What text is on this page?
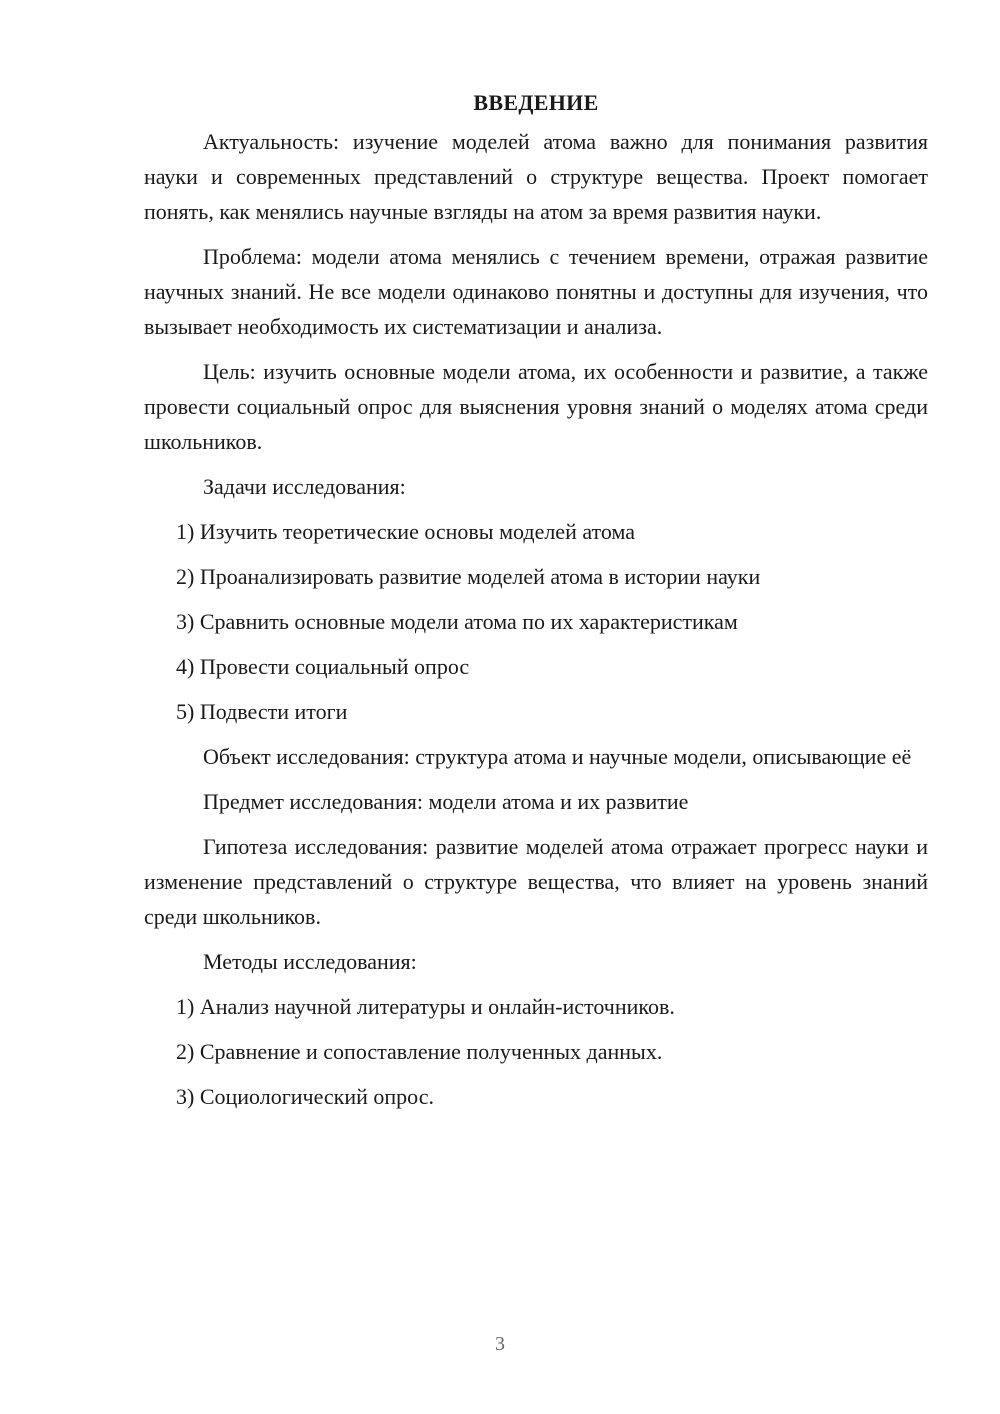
ВВЕДЕНИЕ

Актуальность: изучение моделей атома важно для понимания развития науки и современных представлений о структуре вещества. Проект помогает понять, как менялись научные взгляды на атом за время развития науки.

Проблема: модели атома менялись с течением времени, отражая развитие научных знаний. Не все модели одинаково понятны и доступны для изучения, что вызывает необходимость их систематизации и анализа.

Цель: изучить основные модели атома, их особенности и развитие, а также провести социальный опрос для выяснения уровня знаний о моделях атома среди школьников.

Задачи исследования:

1) Изучить теоретические основы моделей атома

2) Проанализировать развитие моделей атома в истории науки

3) Сравнить основные модели атома по их характеристикам

4) Провести социальный опрос

5) Подвести итоги

Объект исследования: структура атома и научные модели, описывающие её

Предмет исследования: модели атома и их развитие

Гипотеза исследования: развитие моделей атома отражает прогресс науки и изменение представлений о структуре вещества, что влияет на уровень знаний среди школьников.

Методы исследования:

1) Анализ научной литературы и онлайн-источников.

2) Сравнение и сопоставление полученных данных.

3) Социологический опрос.

3
